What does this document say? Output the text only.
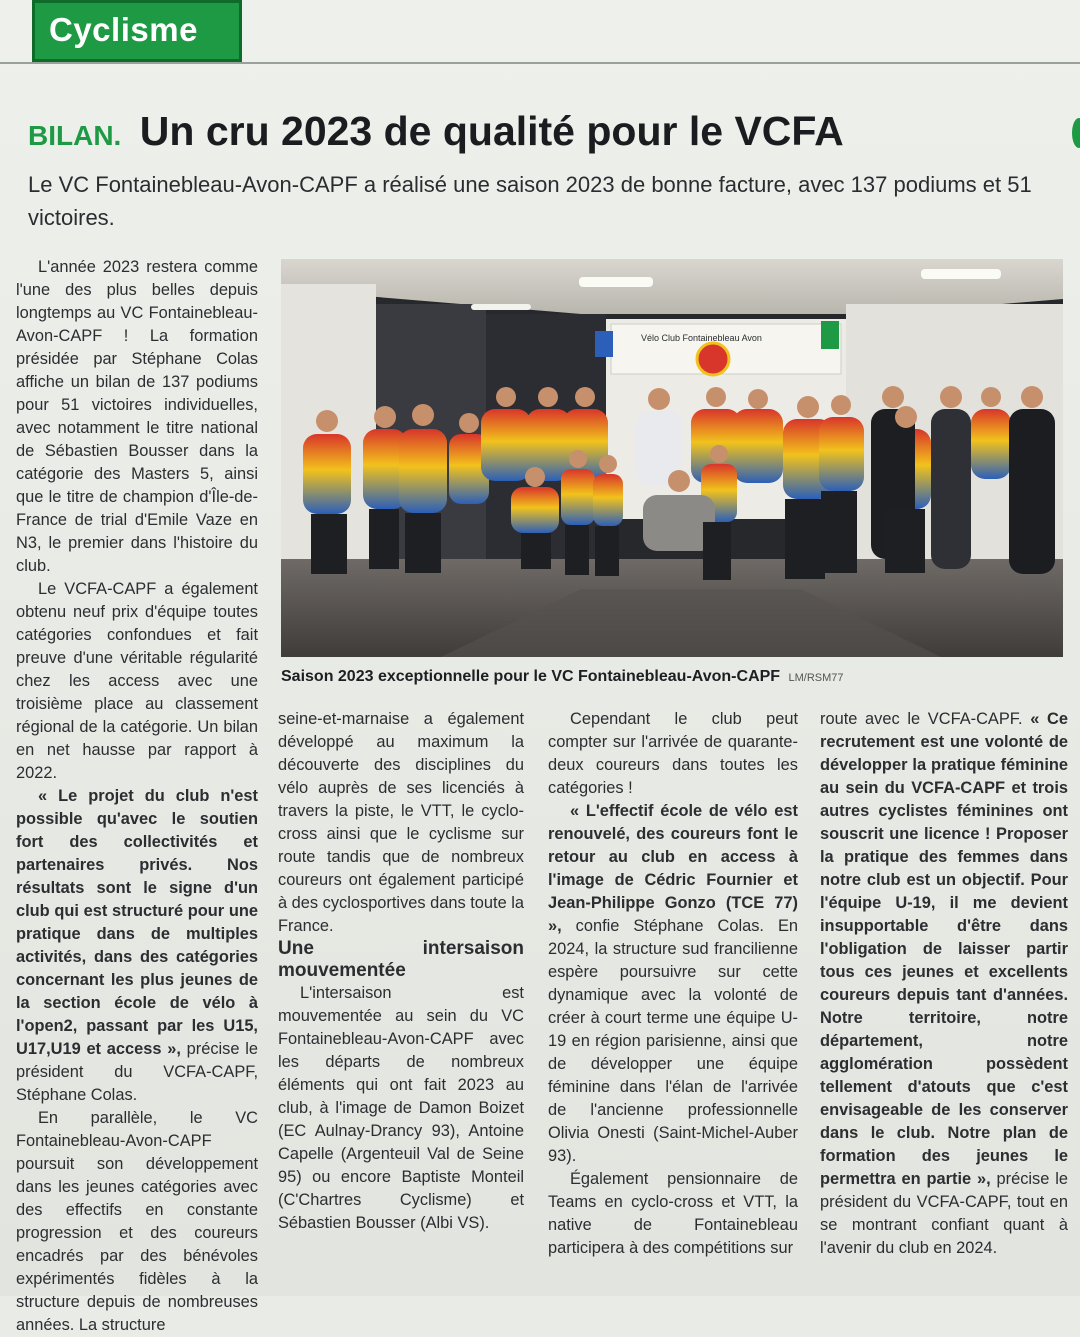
Cyclisme
BILAN. Un cru 2023 de qualité pour le VCFA
Le VC Fontainebleau-Avon-CAPF a réalisé une saison 2023 de bonne facture, avec 137 podiums et 51 victoires.

L'année 2023 restera comme l'une des plus belles depuis longtemps au VC Fontainebleau-Avon-CAPF ! La formation présidée par Stéphane Colas affiche un bilan de 137 podiums pour 51 victoires individuelles, avec notamment le titre national de Sébastien Bousser dans la catégorie des Masters 5, ainsi que le titre de champion d'Île-de-France de trial d'Emile Vaze en N3, le premier dans l'histoire du club.

Le VCFA-CAPF a également obtenu neuf prix d'équipe toutes catégories confondues et fait preuve d'une véritable régularité chez les access avec une troisième place au classement régional de la catégorie. Un bilan en net hausse par rapport à 2022.

« Le projet du club n'est possible qu'avec le soutien fort des collectivités et partenaires privés. Nos résultats sont le signe d'un club qui est structuré pour une pratique dans de multiples activités, dans des catégories concernant les plus jeunes de la section école de vélo à l'open2, passant par les U15, U17,U19 et access », précise le président du VCFA-CAPF, Stéphane Colas.

En parallèle, le VC Fontainebleau-Avon-CAPF poursuit son développement dans les jeunes catégories avec des effectifs en constante progression et des coureurs encadrés par des bénévoles expérimentés fidèles à la structure depuis de nombreuses années. La structure

Vélo Club Fontainebleau Avon
Saison 2023 exceptionnelle pour le VC Fontainebleau-Avon-CAPF LM/RSM77

seine-et-marnaise a également développé au maximum la découverte des disciplines du vélo auprès de ses licenciés à travers la piste, le VTT, le cyclo-cross ainsi que le cyclisme sur route tandis que de nombreux coureurs ont également participé à des cyclosportives dans toute la France.

Une intersaison mouvementée

L'intersaison est mouvementée au sein du VC Fontainebleau-Avon-CAPF avec les départs de nombreux éléments qui ont fait 2023 au club, à l'image de Damon Boizet (EC Aulnay-Drancy 93), Antoine Capelle (Argenteuil Val de Seine 95) ou encore Baptiste Monteil (C'Chartres Cyclisme) et Sébastien Bousser (Albi VS).

Cependant le club peut compter sur l'arrivée de quarante-deux coureurs dans toutes les catégories !

« L'effectif école de vélo est renouvelé, des coureurs font le retour au club en access à l'image de Cédric Fournier et Jean-Philippe Gonzo (TCE 77) », confie Stéphane Colas. En 2024, la structure sud francilienne espère poursuivre sur cette dynamique avec la volonté de créer à court terme une équipe U-19 en région parisienne, ainsi que de développer une équipe féminine dans l'élan de l'arrivée de l'ancienne professionnelle Olivia Onesti (Saint-Michel-Auber 93).

Également pensionnaire de Teams en cyclo-cross et VTT, la native de Fontainebleau participera à des compétitions sur

route avec le VCFA-CAPF. « Ce recrutement est une volonté de développer la pratique féminine au sein du VCFA-CAPF et trois autres cyclistes féminines ont souscrit une licence ! Proposer la pratique des femmes dans notre club est un objectif. Pour l'équipe U-19, il me devient insupportable d'être dans l'obligation de laisser partir tous ces jeunes et excellents coureurs depuis tant d'années. Notre territoire, notre département, notre agglomération possèdent tellement d'atouts que c'est envisageable de les conserver dans le club. Notre plan de formation des jeunes le permettra en partie », précise le président du VCFA-CAPF, tout en se montrant confiant quant à l'avenir du club en 2024.
